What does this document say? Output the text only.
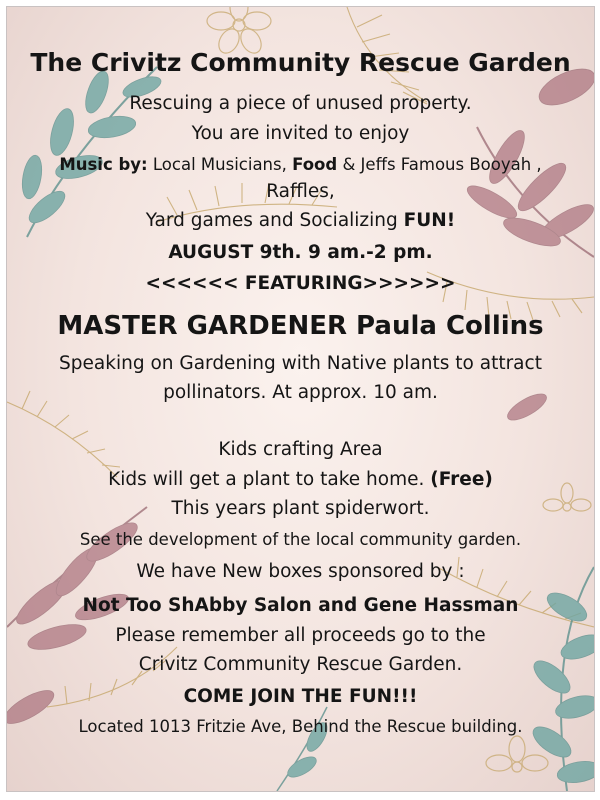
The Crivitz Community Rescue Garden
Rescuing a piece of unused property.
You are invited to enjoy
Music by: Local Musicians, Food & Jeffs Famous Booyah ,
Raffles,
Yard games and Socializing FUN!
AUGUST 9th. 9 am.-2 pm.
<<<<<< FEATURING>>>>>>
MASTER GARDENER Paula Collins
Speaking on Gardening with Native plants to attract
pollinators. At approx. 10 am.
Kids crafting Area
Kids will get a plant to take home. (Free)
This years plant spiderwort.
See the development of the local community garden.
We have New boxes sponsored by :
Not Too ShAbby Salon and Gene Hassman
Please remember all proceeds go to the
Crivitz Community Rescue Garden.
COME JOIN THE FUN!!!
Located 1013 Fritzie Ave, Behind the Rescue building.
